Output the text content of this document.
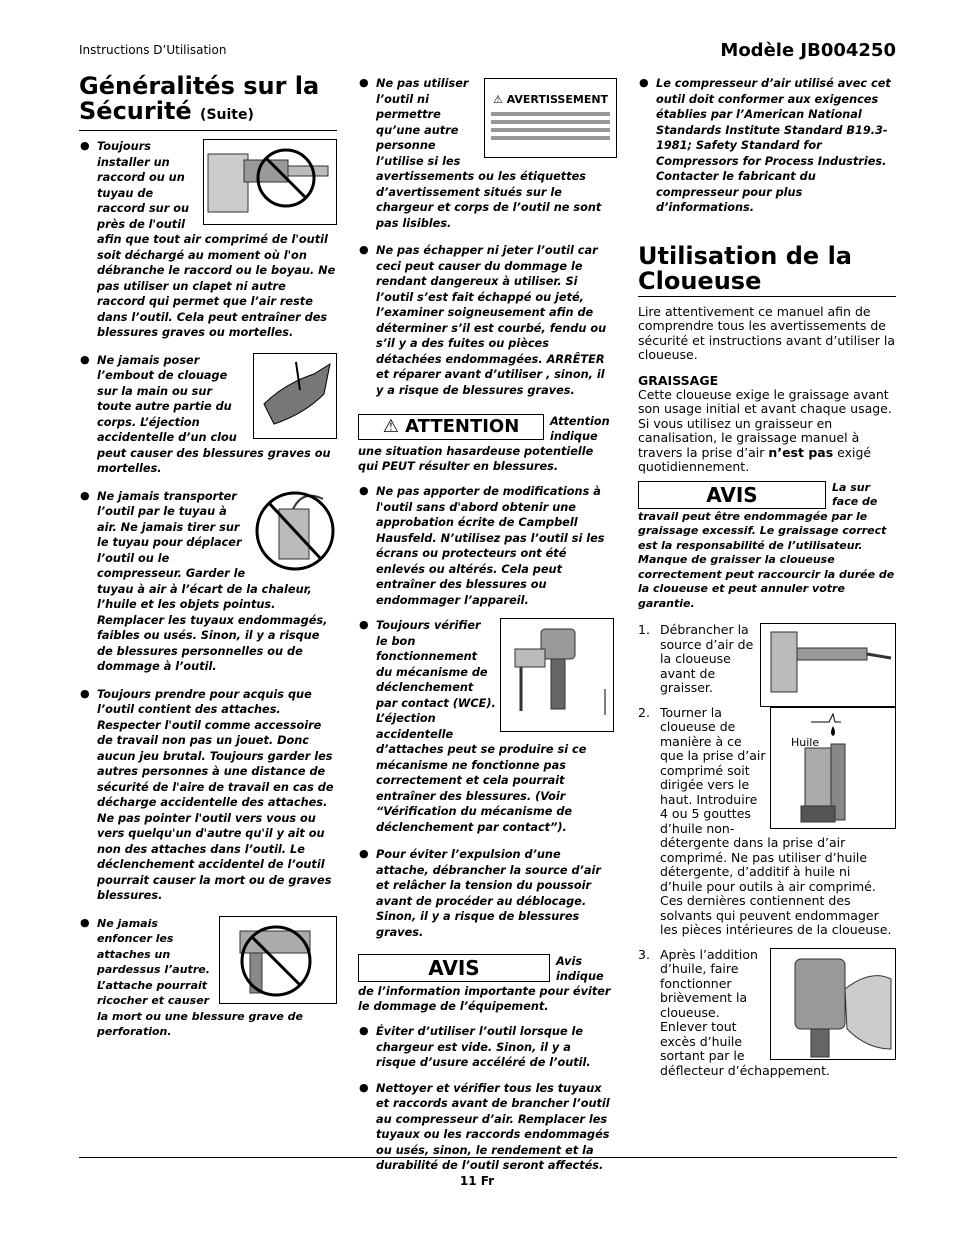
Instructions D’Utilisation	Modèle JB004250
Généralités sur la Sécurité (Suite)
● Toujours installer un raccord ou un tuyau de raccord sur ou près de l'outil afin que tout air comprimé de l'outil soit déchargé au moment où l'on débranche le raccord ou le boyau. Ne pas utiliser un clapet ni autre raccord qui permet que l’air reste dans l’outil. Cela peut entraîner des blessures graves ou mortelles.
● Ne jamais poser l’embout de clouage sur la main ou sur toute autre partie du corps. L’éjection accidentelle d’un clou peut causer des blessures graves ou mortelles.
● Ne jamais transporter l’outil par le tuyau à air. Ne jamais tirer sur le tuyau pour déplacer l’outil ou le compresseur. Garder le tuyau à air à l’écart de la chaleur, l’huile et les objets pointus. Remplacer les tuyaux endommagés, faibles ou usés. Sinon, il y a risque de blessures personnelles ou de dommage à l’outil.
● Toujours prendre pour acquis que l’outil contient des attaches. Respecter l'outil comme accessoire de travail non pas un jouet. Donc aucun jeu brutal. Toujours garder les autres personnes à une distance de sécurité de l'aire de travail en cas de décharge accidentelle des attaches. Ne pas pointer l'outil vers vous ou vers quelqu'un d'autre qu'il y ait ou non des attaches dans l’outil. Le déclenchement accidentel de l’outil pourrait causer la mort ou de graves blessures.
● Ne jamais enfoncer les attaches un pardessus l’autre. L’attache pourrait ricocher et causer la mort ou une blessure grave de perforation.
● Ne pas utiliser l’outil ni permettre qu’une autre personne l’utilise si les avertissements ou les étiquettes d’avertissement situés sur le chargeur et corps de l’outil ne sont pas lisibles.
● Ne pas échapper ni jeter l’outil car ceci peut causer du dommage le rendant dangereux à utiliser. Si l’outil s’est fait échappé ou jeté, l’examiner soigneusement afin de déterminer s’il est courbé, fendu ou s’il y a des fuites ou pièces détachées endommagées. ARRÊTER et réparer avant d’utiliser , sinon, il y a risque de blessures graves.
⚠ ATTENTION	Attention indique une situation hasardeuse potentielle qui PEUT résulter en blessures.
● Ne pas apporter de modifications à l'outil sans d'abord obtenir une approbation écrite de Campbell Hausfeld. N’utilisez pas l’outil si les écrans ou protecteurs ont été enlevés ou altérés. Cela peut entraîner des blessures ou endommager l’appareil.
● Toujours vérifier le bon fonctionnement du mécanisme de déclenchement par contact (WCE). L’éjection accidentelle d’attaches peut se produire si ce mécanisme ne fonctionne pas correctement et cela pourrait entraîner des blessures. (Voir “Vérification du mécanisme de déclenchement par contact”).
● Pour éviter l’expulsion d’une attache, débrancher la source d’air et relâcher la tension du poussoir avant de procéder au déblocage. Sinon, il y a risque de blessures graves.
AVIS	Avis indique de l’information importante pour éviter le dommage de l’équipement.
● Éviter d’utiliser l’outil lorsque le chargeur est vide. Sinon, il y a risque d’usure accéléré de l’outil.
● Nettoyer et vérifier tous les tuyaux et raccords avant de brancher l’outil au compresseur d’air. Remplacer les tuyaux ou les raccords endommagés ou usés, sinon, le rendement et la durabilité de l’outil seront affectés.
⚠ AVERTISSEMENT
● Le compresseur d’air utilisé avec cet outil doit conformer aux exigences établies par l’American National Standards Institute Standard B19.3-1981; Safety Standard for Compressors for Process Industries. Contacter le fabricant du compresseur pour plus d’informations.
Utilisation de la Cloueuse

Lire attentivement ce manuel afin de comprendre tous les avertissements de sécurité et instructions avant d’utiliser la cloueuse.

GRAISSAGE

Cette cloueuse exige le graissage avant son usage initial et avant chaque usage. Si vous utilisez un graisseur en canalisation, le graissage manuel à travers la prise d’air n’est pas exigé quotidiennement.

AVIS	La sur face de travail peut être endommagée par le graissage excessif. Le graissage correct est la responsabilité de l’utilisateur. Manque de graisser la cloueuse correctement peut raccourcir la durée de la cloueuse et peut annuler votre garantie.
1. Débrancher la source d’air de la cloueuse avant de graisser.
2.
Huile
Tourner la cloueuse de manière à ce que la prise d’air comprimé soit dirigée vers le haut. Introduire 4 ou 5 gouttes d’huile non-détergente dans la prise d’air comprimé. Ne pas utiliser d’huile détergente, d’additif à huile ni d’huile pour outils à air comprimé. Ces dernières contiennent des solvants qui peuvent endommager les pièces intérieures de la cloueuse.
3. Après l’addition d’huile, faire fonctionner brièvement la cloueuse. Enlever tout excès d’huile sortant par le déflecteur d’échappement.
11 Fr
